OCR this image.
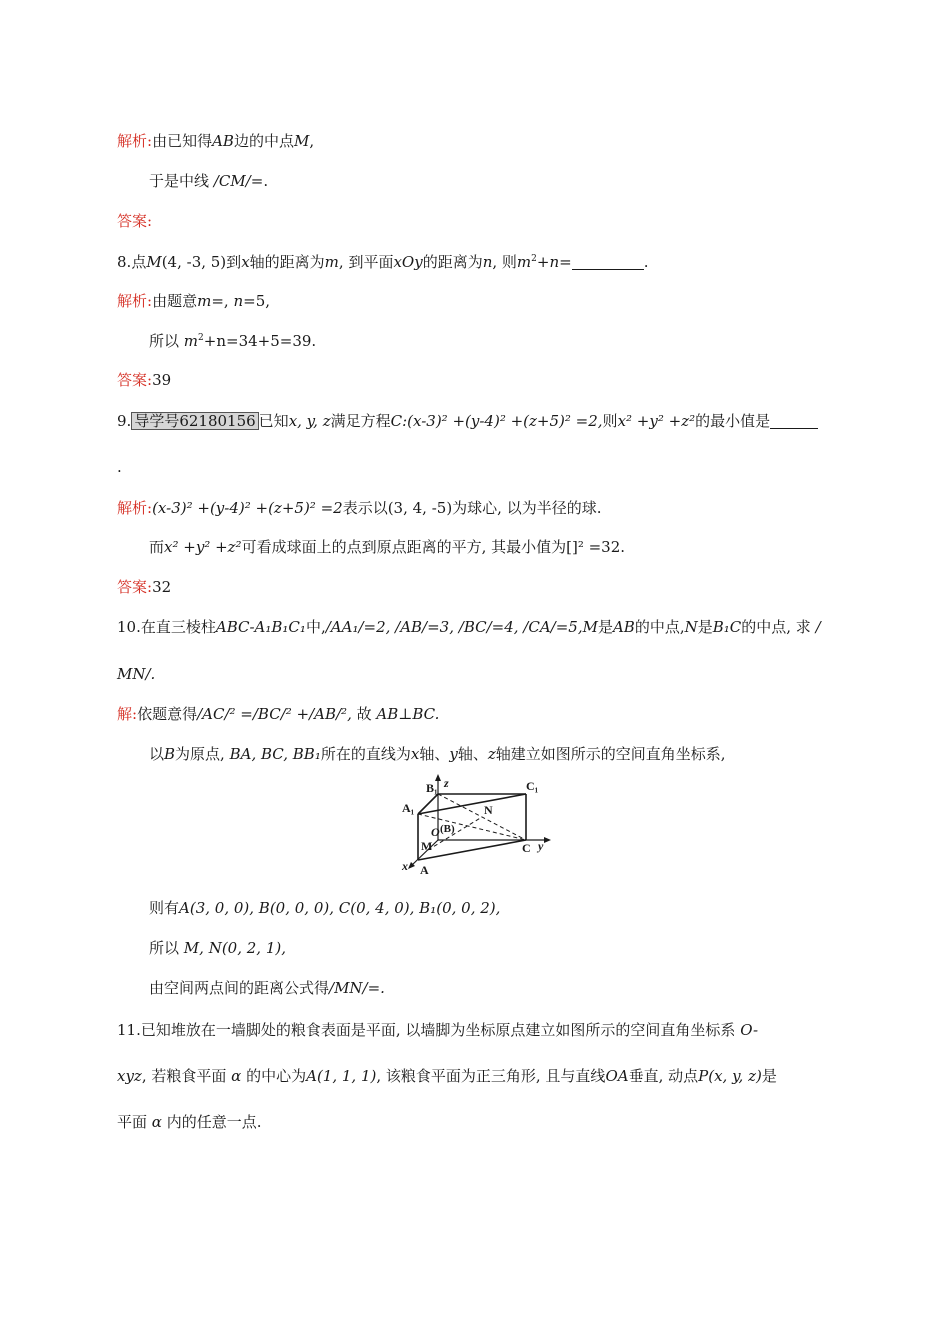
解析:由已知得AB边的中点M,
于是中线 /CM/=.
答案:
8.点M(4, -3, 5)到x轴的距离为m, 到平面xOy的距离为n, 则$m^2+n=$	.
解析:由题意m=, n=5,
所以 $m^2+n=34+5=39$.
答案:39
9. 导学号62180156 已知x, y, z满足方程C:(x-3)² +(y-4)² +(z+5)² =2,则x² +y² +z²的最小值是
.
解析:(x-3)² +(y-4)² +(z+5)² =2表示以(3, 4, -5)为球心, 以为半径的球.
而x² +y² +z²可看成球面上的点到原点距离的平方, 其最小值为[]² =32.
答案:32
10.在直三棱柱ABC-A₁B₁C₁中,/AA₁/=2, /AB/=3, /BC/=4, /CA/=5,M是AB的中点,N是B₁C的中点, 求 /
MN/.
解:依题意得/AC/² =/BC/² +/AB/², 故 AB⊥BC.
以B为原点, BA, BC, BB₁所在的直线为x轴、y轴、z轴建立如图所示的空间直角坐标系,
B₁ z	C₁
A₁	N
O (B)
M	C y
x A
则有A(3, 0, 0), B(0, 0, 0), C(0, 4, 0), B₁(0, 0, 2),
所以 M, N(0, 2, 1),
由空间两点间的距离公式得/MN/=.
11.已知堆放在一墙脚处的粮食表面是平面, 以墙脚为坐标原点建立如图所示的空间直角坐标系 O-
xyz, 若粮食平面 α 的中心为A(1, 1, 1), 该粮食平面为正三角形, 且与直线OA垂直, 动点P(x, y, z)是
平面 α 内的任意一点.
